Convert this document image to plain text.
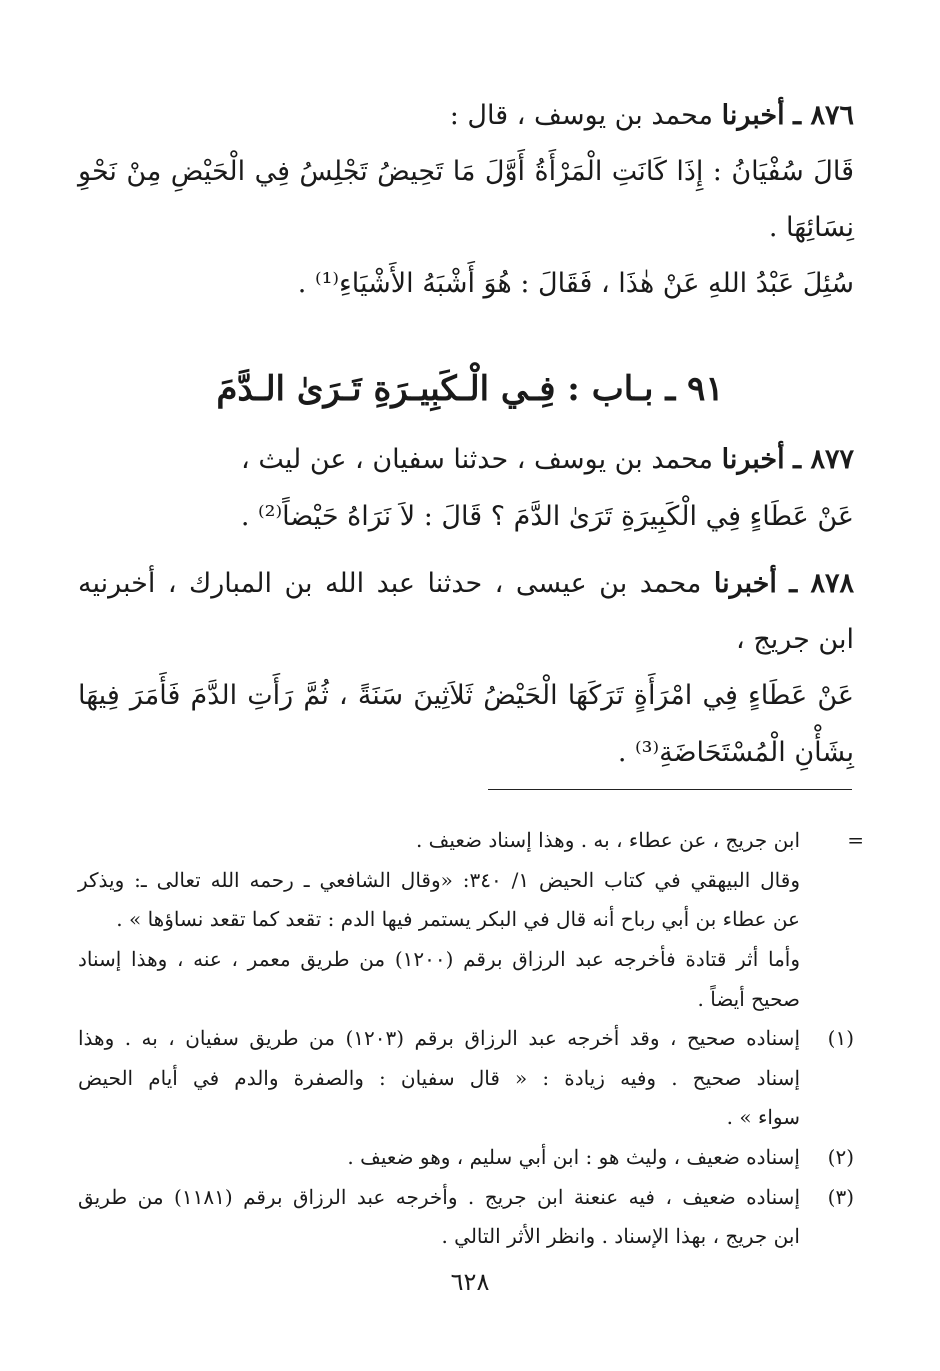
٨٧٦ ـ أخبرنا محمد بن يوسف ، قال :
قَالَ سُفْيَانُ : إِذَا كَانَتِ الْمَرْأَةُ أَوَّلَ مَا تَحِيضُ تَجْلِسُ فِي الْحَيْضِ مِنْ نَحْوِ
نِسَائِهَا .
سُئِلَ عَبْدُ اللهِ عَنْ هٰذَا ، فَقَالَ : هُوَ أَشْبَهُ الأَشْيَاءِ⁽¹⁾ .
٩١ ـ بـاب : فِـي الْـكَبِيـرَةِ تَـرَىٰ الـدَّمَ
٨٧٧ ـ أخبرنا محمد بن يوسف ، حدثنا سفيان ، عن ليث ،
عَنْ عَطَاءٍ فِي الْكَبِيرَةِ تَرَىٰ الدَّمَ ؟ قَالَ : لاَ نَرَاهُ حَيْضاً⁽²⁾ .
٨٧٨ ـ أخبرنا محمد بن عيسى ، حدثنا عبد الله بن المبارك ، أخبرنيه
ابن جريج ،
عَنْ عَطَاءٍ فِي امْرَأَةٍ تَرَكَهَا الْحَيْضُ ثَلاَثِينَ سَنَةً ، ثُمَّ رَأَتِ الدَّمَ فَأَمَرَ فِيهَا
بِشَأْنِ الْمُسْتَحَاضَةِ⁽³⁾ .
=
ابن جريج ، عن عطاء ، به . وهذا إسناد ضعيف .
وقال البيهقي في كتاب الحيض ١/ ٣٤٠: «وقال الشافعي ـ رحمه الله تعالى ـ: ويذكر
عن عطاء بن أبي رباح أنه قال في البكر يستمر فيها الدم : تقعد كما تقعد نساؤها » .
وأما أثر قتادة فأخرجه عبد الرزاق برقم (١٢٠٠) من طريق معمر ، عنه ، وهذا إسناد
صحيح أيضاً .
(١)
إسناده صحيح ، وقد أخرجه عبد الرزاق برقم (١٢٠٣) من طريق سفيان ، به . وهذا
إسناد صحيح . وفيه زيادة : « قال سفيان : والصفرة والدم في أيام الحيض
سواء » .
(٢)
إسناده ضعيف ، وليث هو : ابن أبي سليم ، وهو ضعيف .
(٣)
إسناده ضعيف ، فيه عنعنة ابن جريج . وأخرجه عبد الرزاق برقم (١١٨١) من طريق
ابن جريج ، بهذا الإسناد . وانظر الأثر التالي .
٦٢٨
